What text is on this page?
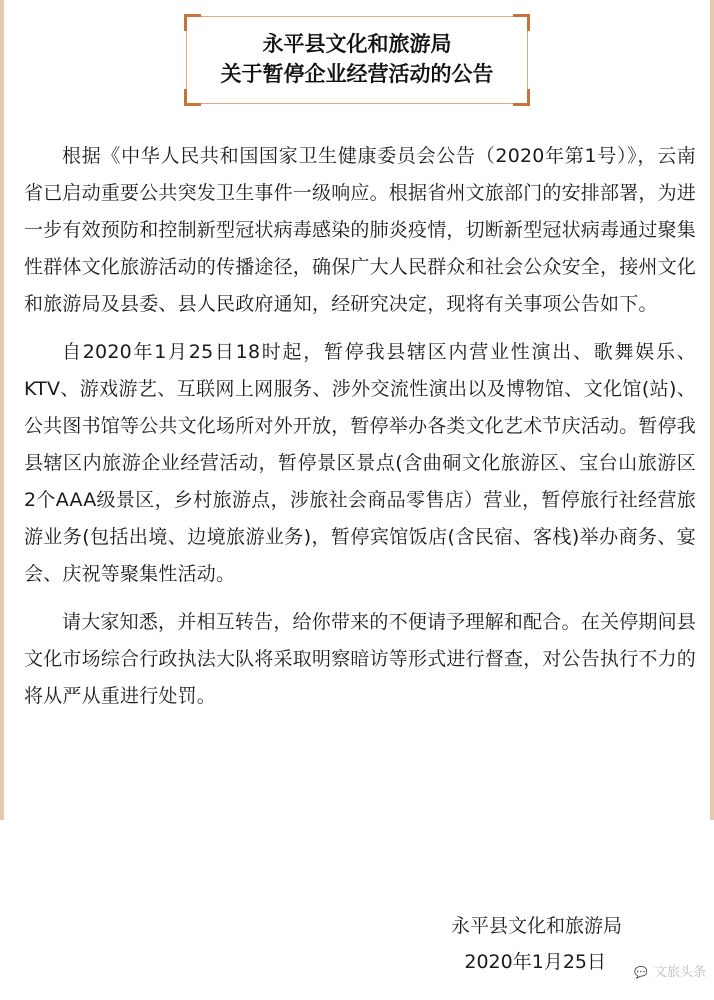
永平县文化和旅游局
关于暂停企业经营活动的公告

根据《中华人民共和国国家卫生健康委员会公告（2020年第1号）》，云南省已启动重要公共突发卫生事件一级响应。根据省州文旅部门的安排部署，为进一步有效预防和控制新型冠状病毒感染的肺炎疫情，切断新型冠状病毒通过聚集性群体文化旅游活动的传播途径，确保广大人民群众和社会公众安全，接州文化和旅游局及县委、县人民政府通知，经研究决定，现将有关事项公告如下。

自2020年1月25日18时起，暂停我县辖区内营业性演出、歌舞娱乐、KTV、游戏游艺、互联网上网服务、涉外交流性演出以及博物馆、文化馆(站)、公共图书馆等公共文化场所对外开放，暂停举办各类文化艺术节庆活动。暂停我县辖区内旅游企业经营活动，暂停景区景点(含曲硐文化旅游区、宝台山旅游区2个AAA级景区，乡村旅游点，涉旅社会商品零售店）营业，暂停旅行社经营旅游业务(包括出境、边境旅游业务)，暂停宾馆饭店(含民宿、客栈)举办商务、宴会、庆祝等聚集性活动。

请大家知悉，并相互转告，给你带来的不便请予理解和配合。在关停期间县文化市场综合行政执法大队将采取明察暗访等形式进行督查，对公告执行不力的将从严从重进行处罚。

永平县文化和旅游局
2020年1月25日	💬 文旅头条
